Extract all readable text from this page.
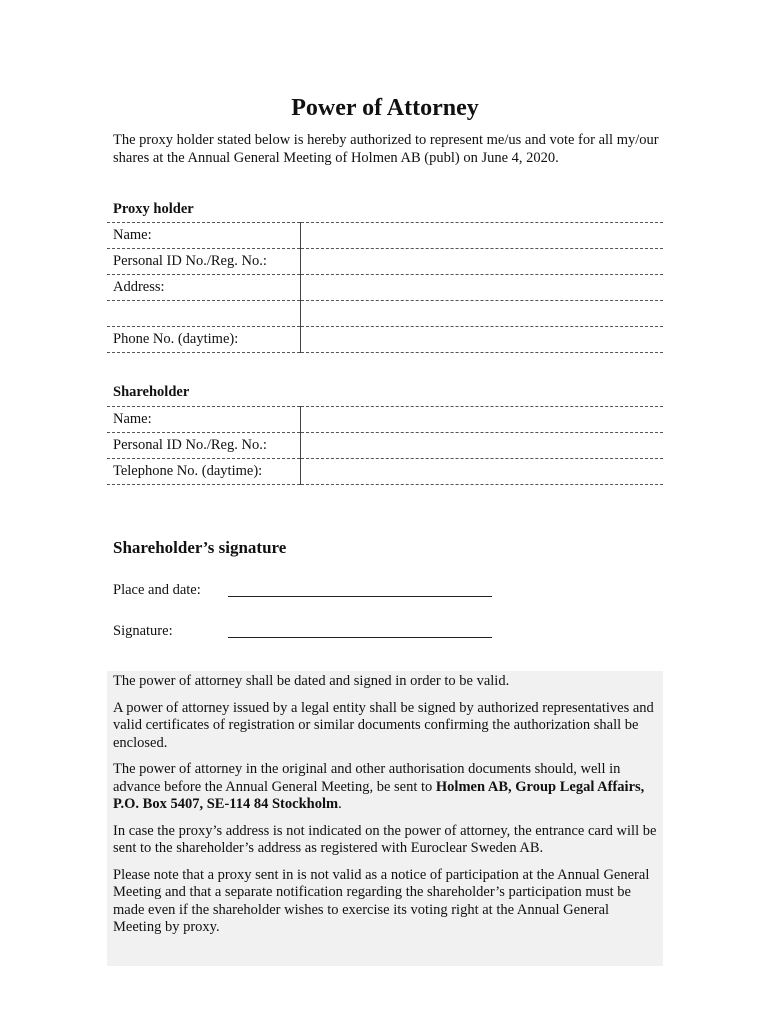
Power of Attorney
The proxy holder stated below is hereby authorized to represent me/us and vote for all my/our shares at the Annual General Meeting of Holmen AB (publ) on June 4, 2020.
Proxy holder
Name:	
Personal ID No./Reg. No.:	
Address:	

Phone No. (daytime):	
Shareholder
Name:	
Personal ID No./Reg. No.:	
Telephone No. (daytime):	
Shareholder’s signature
Place and date:
Signature:

The power of attorney shall be dated and signed in order to be valid.

A power of attorney issued by a legal entity shall be signed by authorized representatives and valid certificates of registration or similar documents confirming the authorization shall be enclosed.

The power of attorney in the original and other authorisation documents should, well in advance before the Annual General Meeting, be sent to Holmen AB, Group Legal Affairs, P.O. Box 5407, SE-114 84 Stockholm.

In case the proxy’s address is not indicated on the power of attorney, the entrance card will be sent to the shareholder’s address as registered with Euroclear Sweden AB.

Please note that a proxy sent in is not valid as a notice of participation at the Annual General Meeting and that a separate notification regarding the shareholder’s participation must be made even if the shareholder wishes to exercise its voting right at the Annual General Meeting by proxy.
